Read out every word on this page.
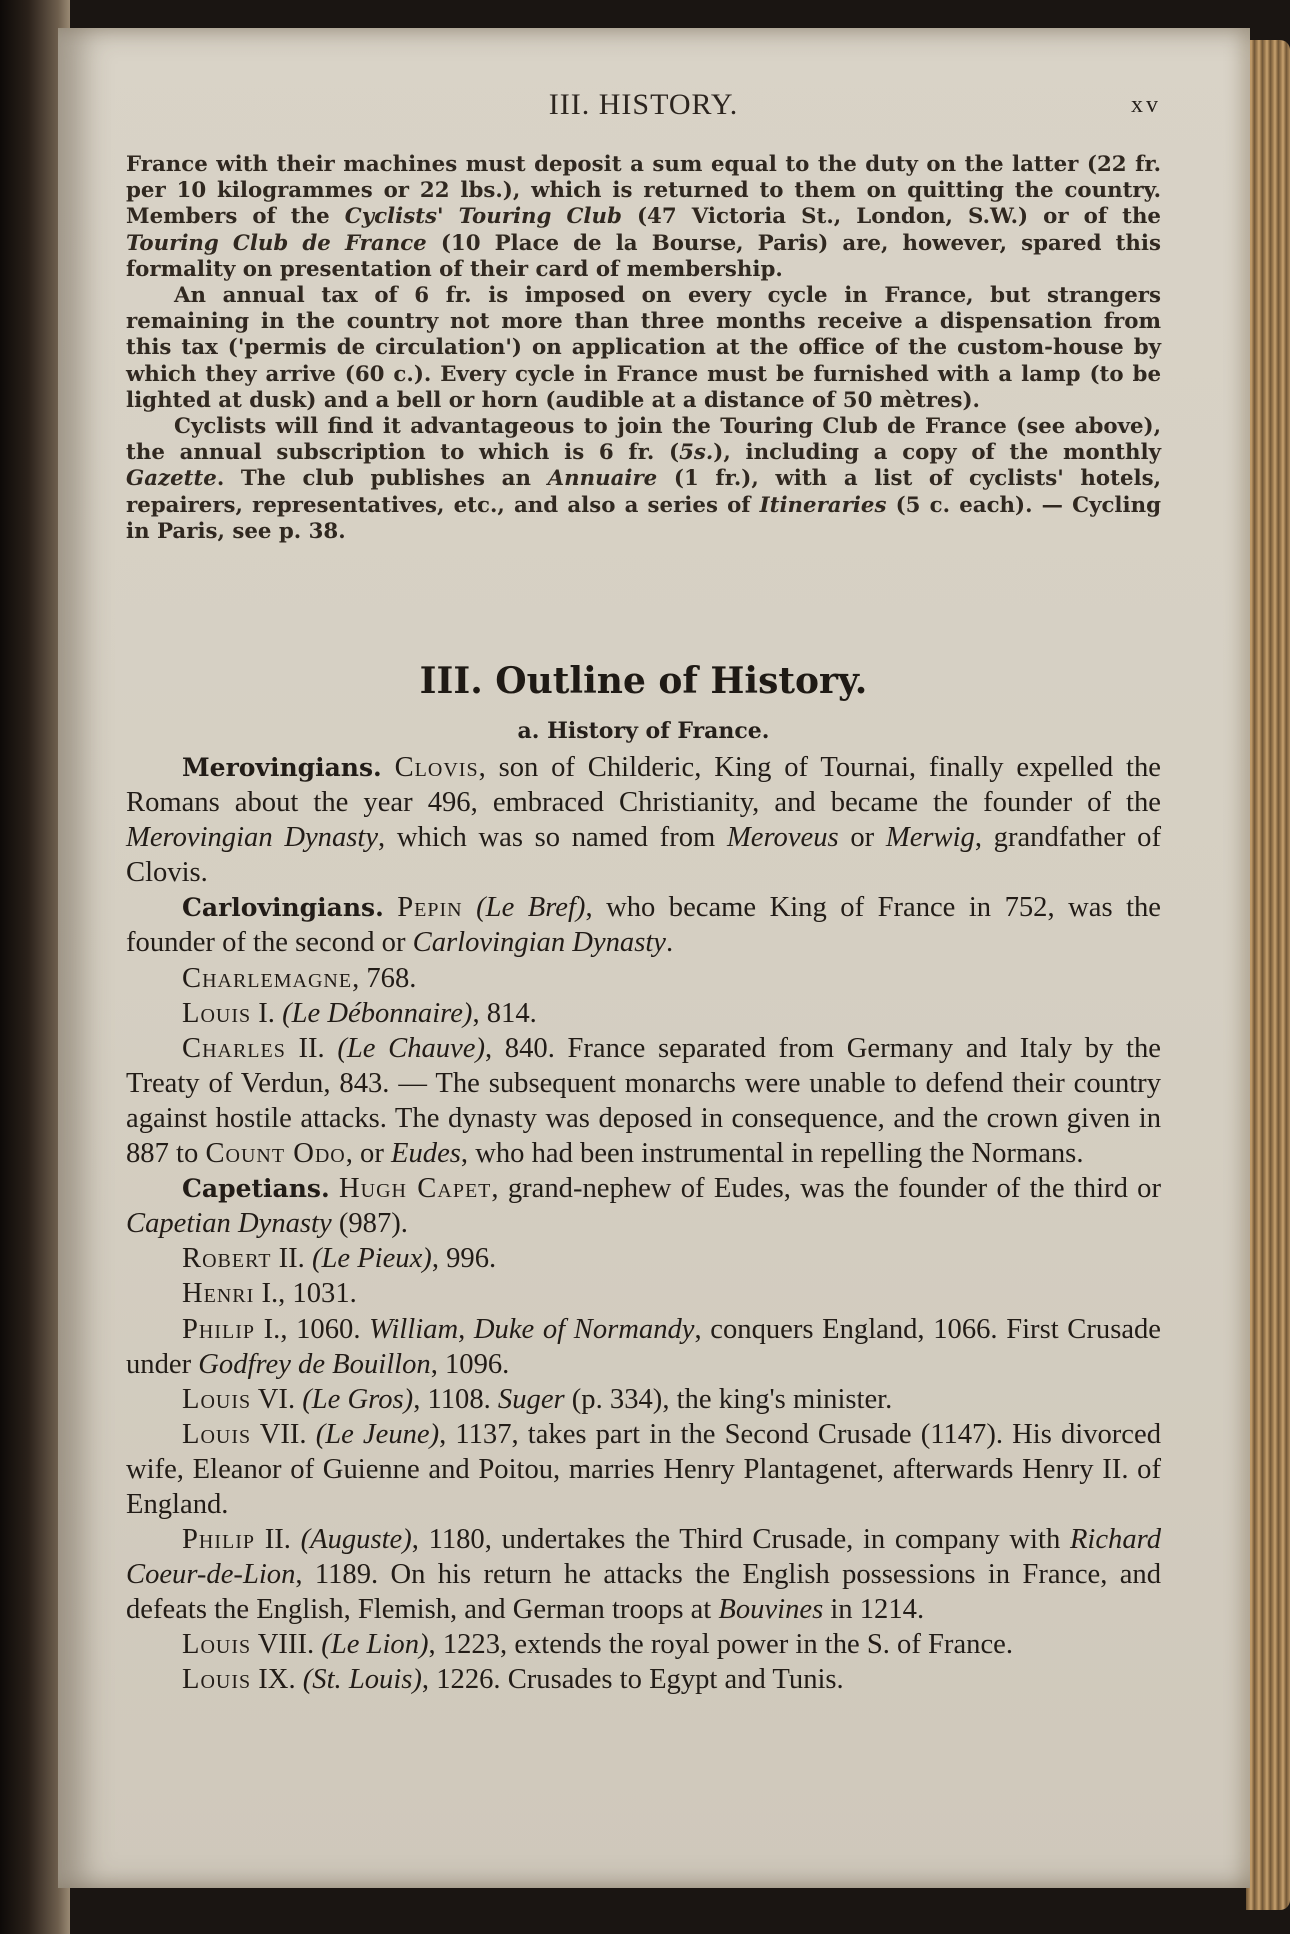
III. HISTORY.	xv

France with their machines must deposit a sum equal to the duty on the latter (22 fr. per 10 kilogrammes or 22 lbs.), which is returned to them on quitting the country. Members of the Cyclists' Touring Club (47 Victoria St., London, S.W.) or of the Touring Club de France (10 Place de la Bourse, Paris) are, however, spared this formality on presentation of their card of membership.

An annual tax of 6 fr. is imposed on every cycle in France, but strangers remaining in the country not more than three months receive a dispensation from this tax ('permis de circulation') on application at the office of the custom-house by which they arrive (60 c.). Every cycle in France must be furnished with a lamp (to be lighted at dusk) and a bell or horn (audible at a distance of 50 mètres).

Cyclists will find it advantageous to join the Touring Club de France (see above), the annual subscription to which is 6 fr. (5s.), including a copy of the monthly Gazette. The club publishes an Annuaire (1 fr.), with a list of cyclists' hotels, repairers, representatives, etc., and also a series of Itineraries (5 c. each). — Cycling in Paris, see p. 38.

III. Outline of History.
a. History of France.

Merovingians. Clovis, son of Childeric, King of Tournai, finally expelled the Romans about the year 496, embraced Christianity, and became the founder of the Merovingian Dynasty, which was so named from Meroveus or Merwig, grandfather of Clovis.

Carlovingians. Pepin (Le Bref), who became King of France in 752, was the founder of the second or Carlovingian Dynasty.

Charlemagne, 768.

Louis I. (Le Débonnaire), 814.

Charles II. (Le Chauve), 840. France separated from Germany and Italy by the Treaty of Verdun, 843. — The subsequent monarchs were unable to defend their country against hostile attacks. The dynasty was deposed in consequence, and the crown given in 887 to Count Odo, or Eudes, who had been instrumental in repelling the Normans.

Capetians. Hugh Capet, grand-nephew of Eudes, was the founder of the third or Capetian Dynasty (987).

Robert II. (Le Pieux), 996.

Henri I., 1031.

Philip I., 1060. William, Duke of Normandy, conquers England, 1066. First Crusade under Godfrey de Bouillon, 1096.

Louis VI. (Le Gros), 1108. Suger (p. 334), the king's minister.

Louis VII. (Le Jeune), 1137, takes part in the Second Crusade (1147). His divorced wife, Eleanor of Guienne and Poitou, marries Henry Plantagenet, afterwards Henry II. of England.

Philip II. (Auguste), 1180, undertakes the Third Crusade, in company with Richard Coeur-de-Lion, 1189. On his return he attacks the English possessions in France, and defeats the English, Flemish, and German troops at Bouvines in 1214.

Louis VIII. (Le Lion), 1223, extends the royal power in the S. of France.

Louis IX. (St. Louis), 1226. Crusades to Egypt and Tunis.
